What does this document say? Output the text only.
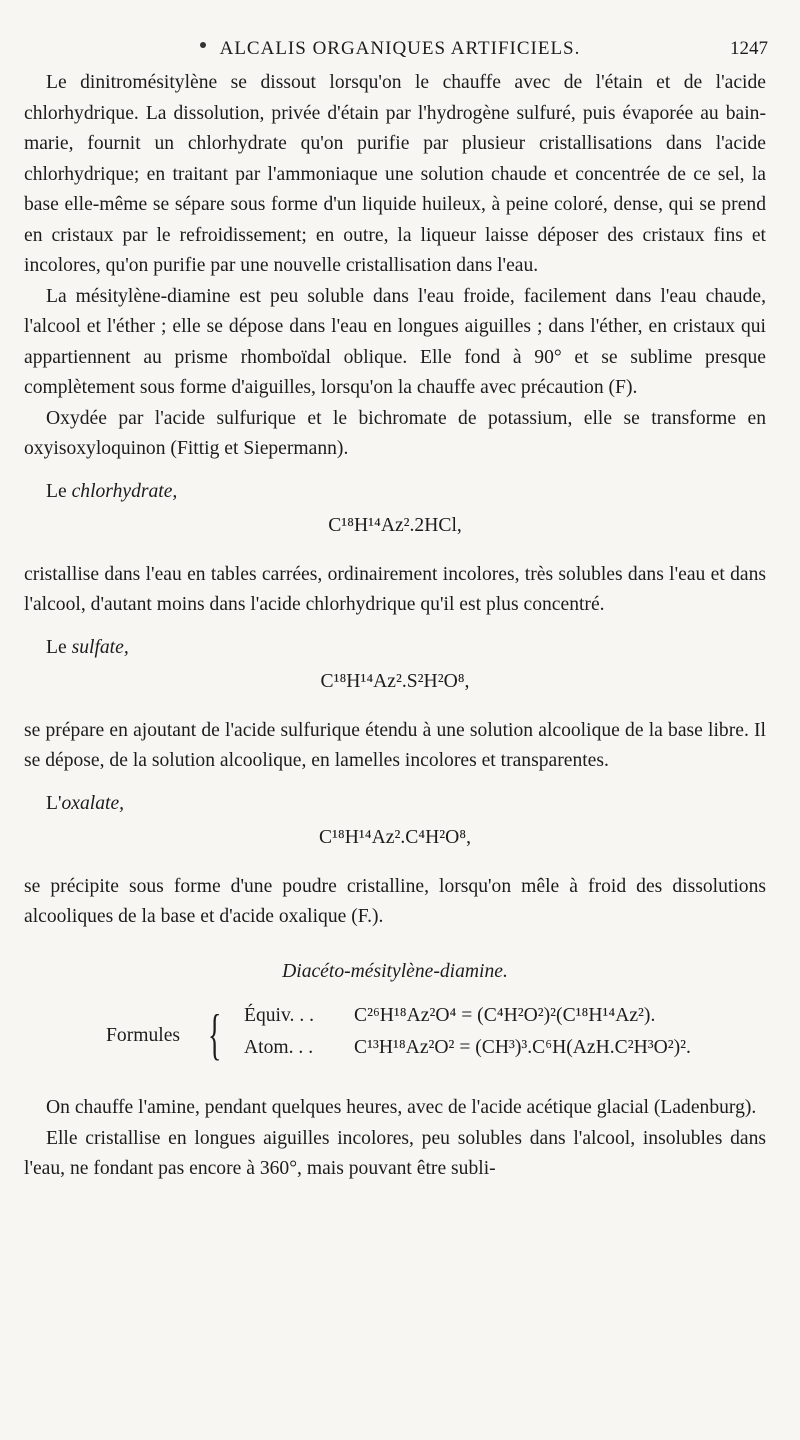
ALCALIS ORGANIQUES ARTIFICIELS.	1247

Le dinitromésitylène se dissout lorsqu'on le chauffe avec de l'étain et de l'acide chlorhydrique. La dissolution, privée d'étain par l'hydrogène sulfuré, puis évaporée au bain-marie, fournit un chlorhydrate qu'on purifie par plusieur cristallisations dans l'acide chlorhydrique; en traitant par l'ammoniaque une solution chaude et concentrée de ce sel, la base elle-même se sépare sous forme d'un liquide huileux, à peine coloré, dense, qui se prend en cristaux par le refroidissement; en outre, la liqueur laisse déposer des cristaux fins et incolores, qu'on purifie par une nouvelle cristallisation dans l'eau.

La mésitylène-diamine est peu soluble dans l'eau froide, facilement dans l'eau chaude, l'alcool et l'éther ; elle se dépose dans l'eau en longues aiguilles ; dans l'éther, en cristaux qui appartiennent au prisme rhomboïdal oblique. Elle fond à 90° et se sublime presque complètement sous forme d'aiguilles, lorsqu'on la chauffe avec précaution (F).

Oxydée par l'acide sulfurique et le bichromate de potassium, elle se transforme en oxyisoxyloquinon (Fittig et Siepermann).

Le chlorhydrate,

C¹⁸H¹⁴Az².2HCl,

cristallise dans l'eau en tables carrées, ordinairement incolores, très solubles dans l'eau et dans l'alcool, d'autant moins dans l'acide chlorhydrique qu'il est plus concentré.

Le sulfate,

C¹⁸H¹⁴Az².S²H²O⁸,

se prépare en ajoutant de l'acide sulfurique étendu à une solution alcoolique de la base libre. Il se dépose, de la solution alcoolique, en lamelles incolores et transparentes.

L'oxalate,

C¹⁸H¹⁴Az².C⁴H²O⁸,

se précipite sous forme d'une poudre cristalline, lorsqu'on mêle à froid des dissolutions alcooliques de la base et d'acide oxalique (F.).

Diacéto-mésitylène-diamine.

Formules { Équiv. . . C²⁶H¹⁸Az²O⁴ = (C⁴H²O²)²(C¹⁸H¹⁴Az²).
Atom. . . C¹³H¹⁸Az²O² = (CH³)³.C⁶H(AzH.C²H³O²)².

On chauffe l'amine, pendant quelques heures, avec de l'acide acétique glacial (Ladenburg).

Elle cristallise en longues aiguilles incolores, peu solubles dans l'alcool, insolubles dans l'eau, ne fondant pas encore à 360°, mais pouvant être subli-
